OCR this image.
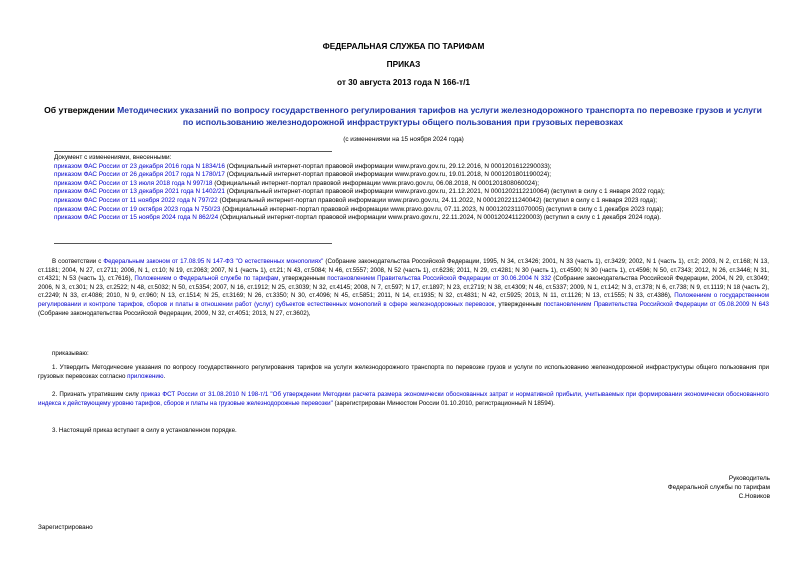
ФЕДЕРАЛЬНАЯ СЛУЖБА ПО ТАРИФАМ
ПРИКАЗ
от 30 августа 2013 года N 166-т/1
Об утверждении Методических указаний по вопросу государственного регулирования тарифов на услуги железнодорожного транспорта по перевозке грузов и услуги по использованию железнодорожной инфраструктуры общего пользования при грузовых перевозках
(с изменениями на 15 ноября 2024 года)
Документ с изменениями, внесенными:
приказом ФАС России от 23 декабря 2016 года N 1834/16 (Официальный интернет-портал правовой информации www.pravo.gov.ru, 29.12.2016, N 0001201612290033);
приказом ФАС России от 26 декабря 2017 года N 1780/17 (Официальный интернет-портал правовой информации www.pravo.gov.ru, 19.01.2018, N 0001201801190024);
приказом ФАС России от 13 июля 2018 года N 997/18 (Официальный интернет-портал правовой информации www.pravo.gov.ru, 06.08.2018, N 0001201808060024);
приказом ФАС России от 13 декабря 2021 года N 1402/21 (Официальный интернет-портал правовой информации www.pravo.gov.ru, 21.12.2021, N 0001202112210064) (вступил в силу с 1 января 2022 года);
приказом ФАС России от 11 ноября 2022 года N 797/22 (Официальный интернет-портал правовой информации www.pravo.gov.ru, 24.11.2022, N 0001202211240042) (вступил в силу с 1 января 2023 года);
приказом ФАС России от 19 октября 2023 года N 750/23 (Официальный интернет-портал правовой информации www.pravo.gov.ru, 07.11.2023, N 0001202311070005) (вступил в силу с 1 декабря 2023 года);
приказом ФАС России от 15 ноября 2024 года N 862/24 (Официальный интернет-портал правовой информации www.pravo.gov.ru, 22.11.2024, N 0001202411220003) (вступил в силу с 1 декабря 2024 года).
В соответствии с Федеральным законом от 17.08.95 N 147-ФЗ "О естественных монополиях" (Собрание законодательства Российской Федерации, 1995, N 34, ст.3426; 2001, N 33 (часть 1), ст.3429; 2002, N 1 (часть 1), ст.2; 2003, N 2, ст.168; N 13, ст.1181; 2004, N 27, ст.2711; 2006, N 1, ст.10; N 19, ст.2063; 2007, N 1 (часть 1), ст.21; N 43, ст.5084; N 46, ст.5557; 2008, N 52 (часть 1), ст.6236; 2011, N 29, ст.4281; N 30 (часть 1), ст.4590; N 30 (часть 1), ст.4596; N 50, ст.7343; 2012, N 26, ст.3446; N 31, ст.4321; N 53 (часть 1), ст.7616), Положением о Федеральной службе по тарифам, утвержденным постановлением Правительства Российской Федерации от 30.06.2004 N 332 (Собрание законодательства Российской Федерации, 2004, N 29, ст.3049; 2006, N 3, ст.301; N 23, ст.2522; N 48, ст.5032; N 50, ст.5354; 2007, N 16, ст.1912; N 25, ст.3039; N 32, ст.4145; 2008, N 7, ст.597; N 17, ст.1897; N 23, ст.2719; N 38, ст.4309; N 46, ст.5337; 2009, N 1, ст.142; N 3, ст.378; N 6, ст.738; N 9, ст.1119; N 18 (часть 2), ст.2249; N 33, ст.4086; 2010, N 9, ст.960; N 13, ст.1514; N 25, ст.3169; N 26, ст.3350; N 30, ст.4096; N 45, ст.5851; 2011, N 14, ст.1935; N 32, ст.4831; N 42, ст.5925; 2013, N 11, ст.1126; N 13, ст.1555; N 33, ст.4386), Положением о государственном регулировании и контроле тарифов, сборов и платы в отношении работ (услуг) субъектов естественных монополий в сфере железнодорожных перевозок, утвержденным постановлением Правительства Российской Федерации от 05.08.2009 N 643 (Собрание законодательства Российской Федерации, 2009, N 32, ст.4051; 2013, N 27, ст.3602),
приказываю:
1. Утвердить Методические указания по вопросу государственного регулирования тарифов на услуги железнодорожного транспорта по перевозке грузов и услуги по использованию железнодорожной инфраструктуры общего пользования при грузовых перевозках согласно приложению.
2. Признать утратившим силу приказ ФСТ России от 31.08.2010 N 198-т/1 "Об утверждении Методики расчета размера экономически обоснованных затрат и нормативной прибыли, учитываемых при формировании экономически обоснованного индекса к действующему уровню тарифов, сборов и платы на грузовые железнодорожные перевозки" (зарегистрирован Минюстом России 01.10.2010, регистрационный N 18594).
3. Настоящий приказ вступает в силу в установленном порядке.
Руководитель
Федеральной службы по тарифам
С.Новиков
Зарегистрировано
